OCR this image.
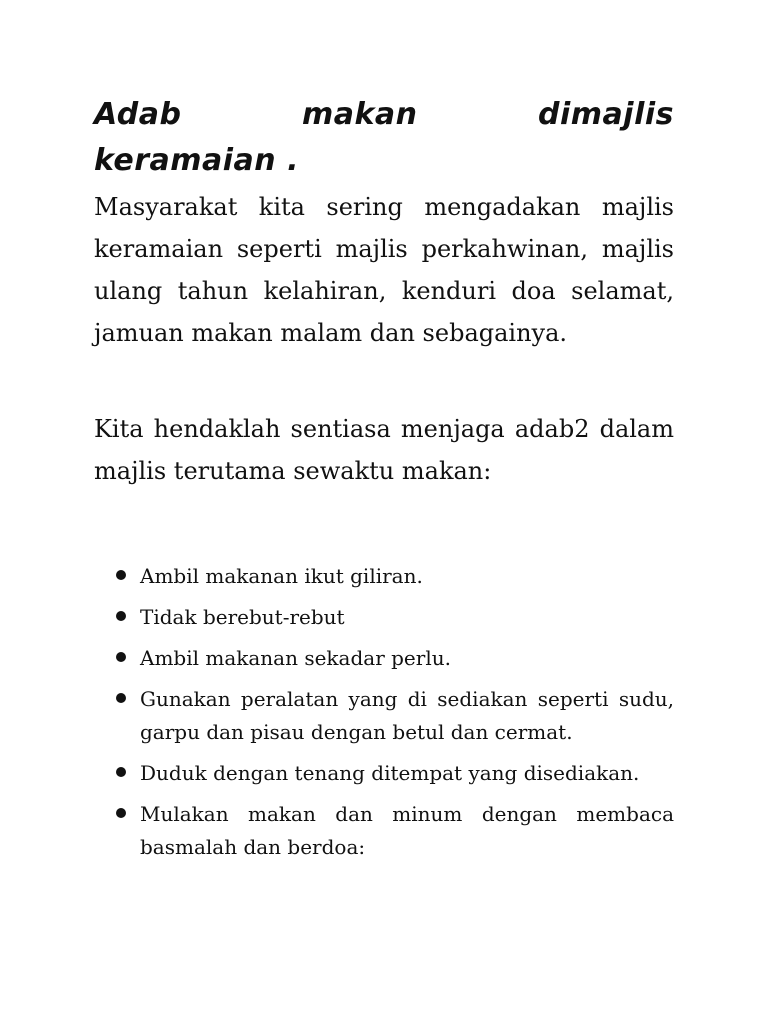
Adab makan dimajlis
keramaian .

Masyarakat kita sering mengadakan majlis keramaian seperti majlis perkahwinan, majlis ulang tahun kelahiran, kenduri doa selamat, jamuan makan malam dan sebagainya.

Kita hendaklah sentiasa menjaga adab2 dalam majlis terutama sewaktu makan:

Ambil makanan ikut giliran.
Tidak berebut-rebut
Ambil makanan sekadar perlu.
Gunakan peralatan yang di sediakan seperti sudu, garpu dan pisau dengan betul dan cermat.
Duduk dengan tenang ditempat yang disediakan.
Mulakan makan dan minum dengan membaca basmalah dan berdoa:
